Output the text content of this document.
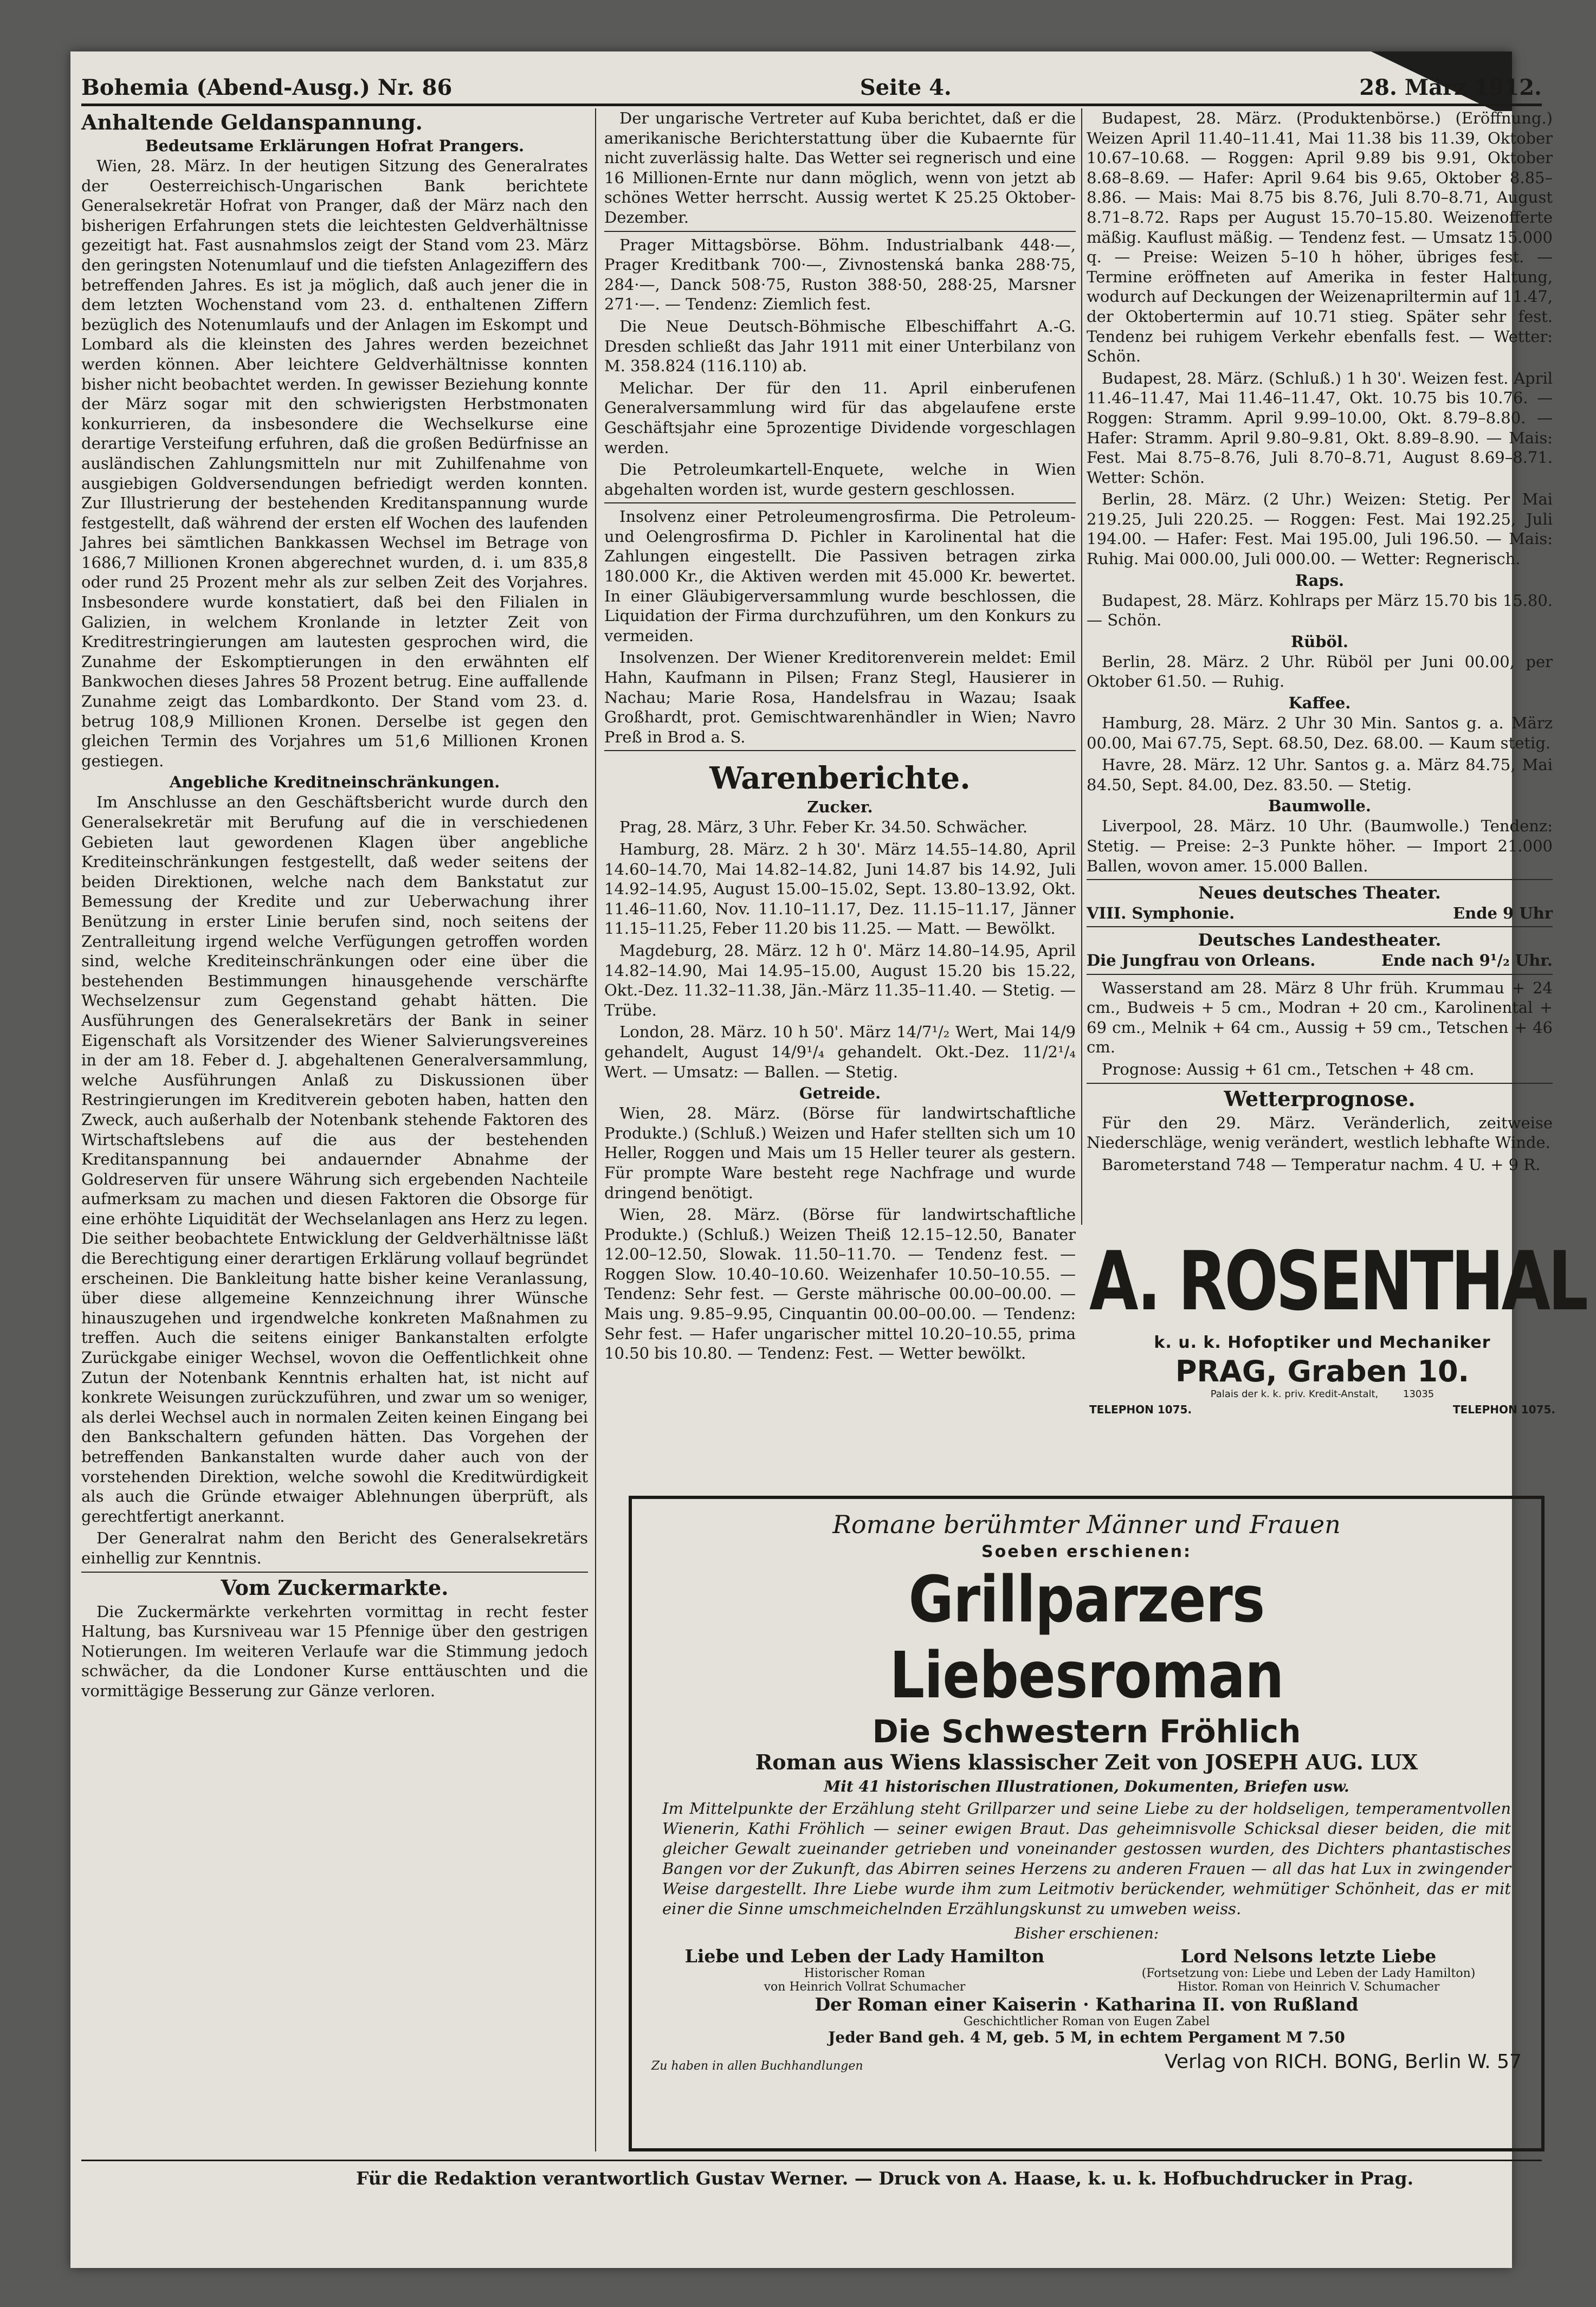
Bohemia (Abend-Ausg.) Nr. 86	Seite 4.	28. März 1912.
Anhaltende Geldanspannung.
Bedeutsame Erklärungen Hofrat Prangers.

Wien, 28. März. In der heutigen Sitzung des Generalrates der Oesterreichisch-Ungarischen Bank berichtete Generalsekretär Hofrat von Pranger, daß der März nach den bisherigen Erfahrungen stets die leichtesten Geldverhältnisse gezeitigt hat. Fast ausnahmslos zeigt der Stand vom 23. März den geringsten Notenumlauf und die tiefsten Anlageziffern des betreffenden Jahres. Es ist ja möglich, daß auch jener die in dem letzten Wochenstand vom 23. d. enthaltenen Ziffern bezüglich des Notenumlaufs und der Anlagen im Eskompt und Lombard als die kleinsten des Jahres werden bezeichnet werden können. Aber leichtere Geldverhältnisse konnten bisher nicht beobachtet werden. In gewisser Beziehung konnte der März sogar mit den schwierigsten Herbstmonaten konkurrieren, da insbesondere die Wechselkurse eine derartige Versteifung erfuhren, daß die großen Bedürfnisse an ausländischen Zahlungsmitteln nur mit Zuhilfenahme von ausgiebigen Goldversendungen befriedigt werden konnten. Zur Illustrierung der bestehenden Kreditanspannung wurde festgestellt, daß während der ersten elf Wochen des laufenden Jahres bei sämtlichen Bankkassen Wechsel im Betrage von 1686,7 Millionen Kronen abgerechnet wurden, d. i. um 835,8 oder rund 25 Prozent mehr als zur selben Zeit des Vorjahres. Insbesondere wurde konstatiert, daß bei den Filialen in Galizien, in welchem Kronlande in letzter Zeit von Kreditrestringierungen am lautesten gesprochen wird, die Zunahme der Eskomptierungen in den erwähnten elf Bankwochen dieses Jahres 58 Prozent betrug. Eine auffallende Zunahme zeigt das Lombardkonto. Der Stand vom 23. d. betrug 108,9 Millionen Kronen. Derselbe ist gegen den gleichen Termin des Vorjahres um 51,6 Millionen Kronen gestiegen.

Angebliche Kreditneinschränkungen.

Im Anschlusse an den Geschäftsbericht wurde durch den Generalsekretär mit Berufung auf die in verschiedenen Gebieten laut gewordenen Klagen über angebliche Krediteinschränkungen festgestellt, daß weder seitens der beiden Direktionen, welche nach dem Bankstatut zur Bemessung der Kredite und zur Ueberwachung ihrer Benützung in erster Linie berufen sind, noch seitens der Zentralleitung irgend welche Verfügungen getroffen worden sind, welche Krediteinschränkungen oder eine über die bestehenden Bestimmungen hinausgehende verschärfte Wechselzensur zum Gegenstand gehabt hätten. Die Ausführungen des Generalsekretärs der Bank in seiner Eigenschaft als Vorsitzender des Wiener Salvierungsvereines in der am 18. Feber d. J. abgehaltenen Generalversammlung, welche Ausführungen Anlaß zu Diskussionen über Restringierungen im Kreditverein geboten haben, hatten den Zweck, auch außerhalb der Notenbank stehende Faktoren des Wirtschaftslebens auf die aus der bestehenden Kreditanspannung bei andauernder Abnahme der Goldreserven für unsere Währung sich ergebenden Nachteile aufmerksam zu machen und diesen Faktoren die Obsorge für eine erhöhte Liquidität der Wechselanlagen ans Herz zu legen. Die seither beobachtete Entwicklung der Geldverhältnisse läßt die Berechtigung einer derartigen Erklärung vollauf begründet erscheinen. Die Bankleitung hatte bisher keine Veranlassung, über diese allgemeine Kennzeichnung ihrer Wünsche hinauszugehen und irgendwelche konkreten Maßnahmen zu treffen. Auch die seitens einiger Bankanstalten erfolgte Zurückgabe einiger Wechsel, wovon die Oeffentlichkeit ohne Zutun der Notenbank Kenntnis erhalten hat, ist nicht auf konkrete Weisungen zurückzuführen, und zwar um so weniger, als derlei Wechsel auch in normalen Zeiten keinen Eingang bei den Bankschaltern gefunden hätten. Das Vorgehen der betreffenden Bankanstalten wurde daher auch von der vorstehenden Direktion, welche sowohl die Kreditwürdigkeit als auch die Gründe etwaiger Ablehnungen überprüft, als gerechtfertigt anerkannt.

Der Generalrat nahm den Bericht des Generalsekretärs einhellig zur Kenntnis.

Vom Zuckermarkte.

Die Zuckermärkte verkehrten vormittag in recht fester Haltung, bas Kursniveau war 15 Pfennige über den gestrigen Notierungen. Im weiteren Verlaufe war die Stimmung jedoch schwächer, da die Londoner Kurse enttäuschten und die vormittägige Besserung zur Gänze verloren.

Der ungarische Vertreter auf Kuba berichtet, daß er die amerikanische Berichterstattung über die Kubaernte für nicht zuverlässig halte. Das Wetter sei regnerisch und eine 16 Millionen-Ernte nur dann möglich, wenn von jetzt ab schönes Wetter herrscht. Aussig wertet K 25.25 Oktober-Dezember.

Prager Mittagsbörse. Böhm. Industrialbank 448·—, Prager Kreditbank 700·—, Zivnostenská banka 288·75, 284·—, Danck 508·75, Ruston 388·50, 288·25, Marsner 271·—. — Tendenz: Ziemlich fest.

Die Neue Deutsch-Böhmische Elbeschiffahrt A.-G. Dresden schließt das Jahr 1911 mit einer Unterbilanz von M. 358.824 (116.110) ab.

Melichar. Der für den 11. April einberufenen Generalversammlung wird für das abgelaufene erste Geschäftsjahr eine 5prozentige Dividende vorgeschlagen werden.

Die Petroleumkartell-Enquete, welche in Wien abgehalten worden ist, wurde gestern geschlossen.

Insolvenz einer Petroleumengrosfirma. Die Petroleum- und Oelengrosfirma D. Pichler in Karolinental hat die Zahlungen eingestellt. Die Passiven betragen zirka 180.000 Kr., die Aktiven werden mit 45.000 Kr. bewertet. In einer Gläubigerversammlung wurde beschlossen, die Liquidation der Firma durchzuführen, um den Konkurs zu vermeiden.

Insolvenzen. Der Wiener Kreditorenverein meldet: Emil Hahn, Kaufmann in Pilsen; Franz Stegl, Hausierer in Nachau; Marie Rosa, Handelsfrau in Wazau; Isaak Großhardt, prot. Gemischtwarenhändler in Wien; Navro Preß in Brod a. S.

Warenberichte.
Zucker.

Prag, 28. März, 3 Uhr. Feber Kr. 34.50. Schwächer.

Hamburg, 28. März. 2 h 30'. März 14.55–14.80, April 14.60–14.70, Mai 14.82–14.82, Juni 14.87 bis 14.92, Juli 14.92–14.95, August 15.00–15.02, Sept. 13.80–13.92, Okt. 11.46–11.60, Nov. 11.10–11.17, Dez. 11.15–11.17, Jänner 11.15–11.25, Feber 11.20 bis 11.25. — Matt. — Bewölkt.

Magdeburg, 28. März. 12 h 0'. März 14.80–14.95, April 14.82–14.90, Mai 14.95–15.00, August 15.20 bis 15.22, Okt.-Dez. 11.32–11.38, Jän.-März 11.35–11.40. — Stetig. — Trübe.

London, 28. März. 10 h 50'. März 14/7¹/₂ Wert, Mai 14/9 gehandelt, August 14/9¹/₄ gehandelt. Okt.-Dez. 11/2¹/₄ Wert. — Umsatz: — Ballen. — Stetig.

Getreide.

Wien, 28. März. (Börse für landwirtschaftliche Produkte.) (Schluß.) Weizen und Hafer stellten sich um 10 Heller, Roggen und Mais um 15 Heller teurer als gestern. Für prompte Ware besteht rege Nachfrage und wurde dringend benötigt.

Wien, 28. März. (Börse für landwirtschaftliche Produkte.) (Schluß.) Weizen Theiß 12.15–12.50, Banater 12.00–12.50, Slowak. 11.50–11.70. — Tendenz fest. — Roggen Slow. 10.40–10.60. Weizenhafer 10.50–10.55. — Tendenz: Sehr fest. — Gerste mährische 00.00–00.00. — Mais ung. 9.85–9.95, Cinquantin 00.00–00.00. — Tendenz: Sehr fest. — Hafer ungarischer mittel 10.20–10.55, prima 10.50 bis 10.80. — Tendenz: Fest. — Wetter bewölkt.

Budapest, 28. März. (Produktenbörse.) (Eröffnung.) Weizen April 11.40–11.41, Mai 11.38 bis 11.39, Oktober 10.67–10.68. — Roggen: April 9.89 bis 9.91, Oktober 8.68–8.69. — Hafer: April 9.64 bis 9.65, Oktober 8.85–8.86. — Mais: Mai 8.75 bis 8.76, Juli 8.70–8.71, August 8.71–8.72. Raps per August 15.70–15.80. Weizenofferte mäßig. Kauflust mäßig. — Tendenz fest. — Umsatz 15.000 q. — Preise: Weizen 5–10 h höher, übriges fest. — Termine eröffneten auf Amerika in fester Haltung, wodurch auf Deckungen der Weizenapriltermin auf 11.47, der Oktobertermin auf 10.71 stieg. Später sehr fest. Tendenz bei ruhigem Verkehr ebenfalls fest. — Wetter: Schön.

Budapest, 28. März. (Schluß.) 1 h 30'. Weizen fest. April 11.46–11.47, Mai 11.46–11.47, Okt. 10.75 bis 10.76. — Roggen: Stramm. April 9.99–10.00, Okt. 8.79–8.80. — Hafer: Stramm. April 9.80–9.81, Okt. 8.89–8.90. — Mais: Fest. Mai 8.75–8.76, Juli 8.70–8.71, August 8.69–8.71. Wetter: Schön.

Berlin, 28. März. (2 Uhr.) Weizen: Stetig. Per Mai 219.25, Juli 220.25. — Roggen: Fest. Mai 192.25, Juli 194.00. — Hafer: Fest. Mai 195.00, Juli 196.50. — Mais: Ruhig. Mai 000.00, Juli 000.00. — Wetter: Regnerisch.

Raps.

Budapest, 28. März. Kohlraps per März 15.70 bis 15.80. — Schön.

Rüböl.

Berlin, 28. März. 2 Uhr. Rüböl per Juni 00.00, per Oktober 61.50. — Ruhig.

Kaffee.

Hamburg, 28. März. 2 Uhr 30 Min. Santos g. a. März 00.00, Mai 67.75, Sept. 68.50, Dez. 68.00. — Kaum stetig.

Havre, 28. März. 12 Uhr. Santos g. a. März 84.75, Mai 84.50, Sept. 84.00, Dez. 83.50. — Stetig.

Baumwolle.

Liverpool, 28. März. 10 Uhr. (Baumwolle.) Tendenz: Stetig. — Preise: 2–3 Punkte höher. — Import 21.000 Ballen, wovon amer. 15.000 Ballen.

Neues deutsches Theater.
VIII. Symphonie.	Ende 9 Uhr
Deutsches Landestheater.
Die Jungfrau von Orleans.	Ende nach 9¹/₂ Uhr.

Wasserstand am 28. März 8 Uhr früh. Krummau + 24 cm., Budweis + 5 cm., Modran + 20 cm., Karolinental + 69 cm., Melnik + 64 cm., Aussig + 59 cm., Tetschen + 46 cm.

Prognose: Aussig + 61 cm., Tetschen + 48 cm.

Wetterprognose.

Für den 29. März. Veränderlich, zeitweise Niederschläge, wenig verändert, westlich lebhafte Winde.

Barometerstand 748 — Temperatur nachm. 4 U. + 9 R.

A. ROSENTHAL
k. u. k. Hofoptiker und Mechaniker
PRAG, Graben 10.
Palais der k. k. priv. Kredit-Anstalt,	13035
TELEPHON 1075.	TELEPHON 1075.
Romane berühmter Männer und Frauen
Soeben erschienen:
Grillparzers Liebesroman
Die Schwestern Fröhlich
Roman aus Wiens klassischer Zeit von JOSEPH AUG. LUX
Mit 41 historischen Illustrationen, Dokumenten, Briefen usw.
Im Mittelpunkte der Erzählung steht Grillparzer und seine Liebe zu der holdseligen, temperamentvollen Wienerin, Kathi Fröhlich — seiner ewigen Braut. Das geheimnisvolle Schicksal dieser beiden, die mit gleicher Gewalt zueinander getrieben und voneinander gestossen wurden, des Dichters phantastisches Bangen vor der Zukunft, das Abirren seines Herzens zu anderen Frauen — all das hat Lux in zwingender Weise dargestellt. Ihre Liebe wurde ihm zum Leitmotiv berückender, wehmütiger Schönheit, das er mit einer die Sinne umschmeichelnden Erzählungskunst zu umweben weiss.
Bisher erschienen:
Liebe und Leben der Lady Hamilton
Historischer Roman
von Heinrich Vollrat Schumacher
Lord Nelsons letzte Liebe
(Fortsetzung von: Liebe und Leben der Lady Hamilton)
Histor. Roman von Heinrich V. Schumacher
Der Roman einer Kaiserin · Katharina II. von Rußland
Geschichtlicher Roman von Eugen Zabel
Jeder Band geh. 4 M, geb. 5 M, in echtem Pergament M 7.50
Zu haben in allen Buchhandlungen	Verlag von RICH. BONG, Berlin W. 57
Für die Redaktion verantwortlich Gustav Werner. — Druck von A. Haase, k. u. k. Hofbuchdrucker in Prag.
